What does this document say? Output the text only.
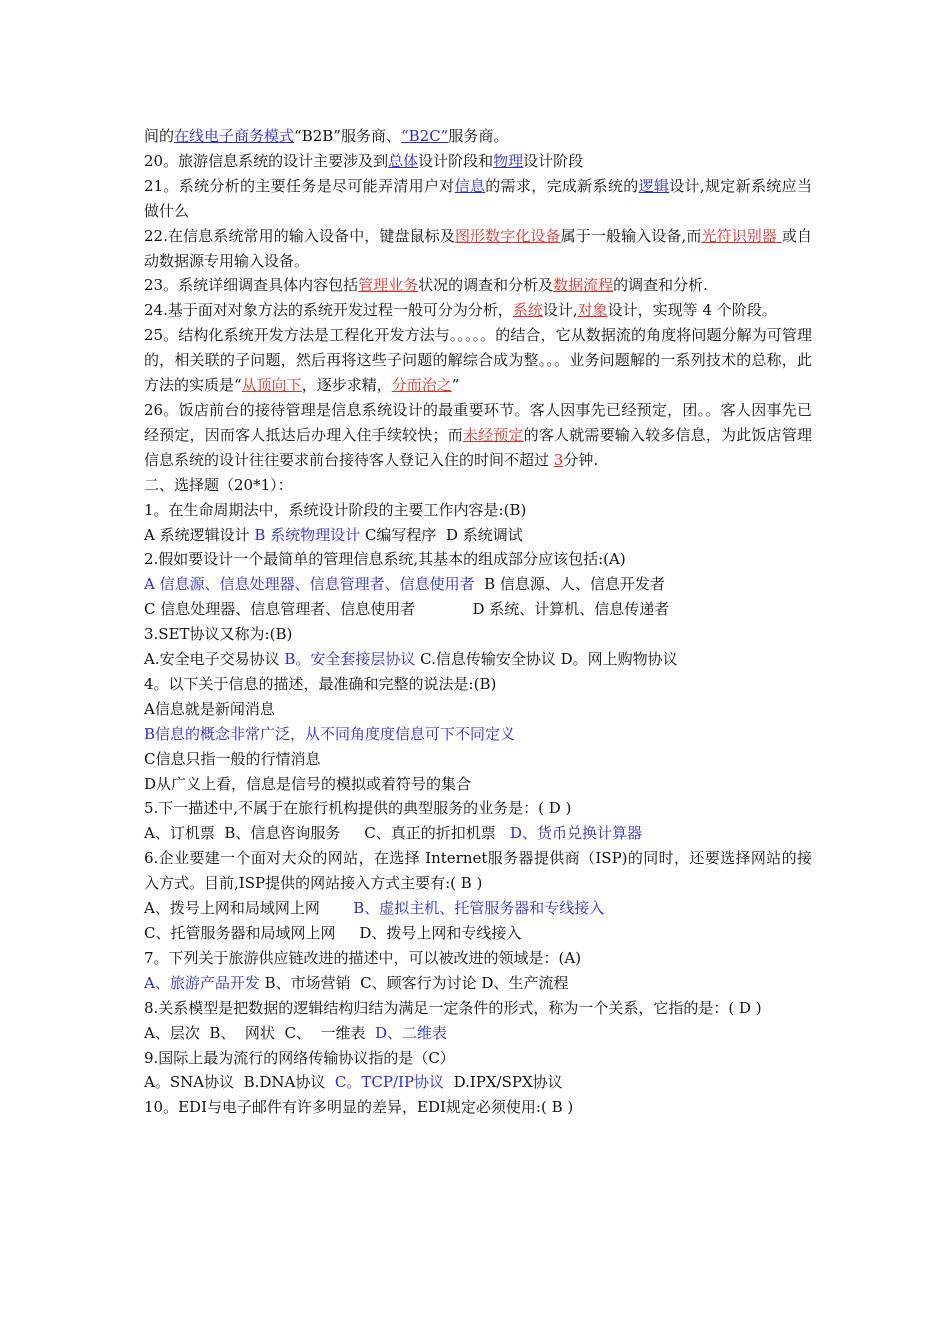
间的在线电子商务模式“B2B”服务商、“B2C”服务商。

20。旅游信息系统的设计主要涉及到总体设计阶段和物理设计阶段

21。系统分析的主要任务是尽可能弄清用户对信息的需求，完成新系统的逻辑设计,规定新系统应当做什么

22.在信息系统常用的输入设备中，键盘鼠标及图形数字化设备属于一般输入设备,而光符识别器 或自动数据源专用输入设备。

23。系统详细调查具体内容包括管理业务状况的调查和分析及数据流程的调查和分析.

24.基于面对对象方法的系统开发过程一般可分为分析，系统设计,对象设计，实现等 4 个阶段。

25。结构化系统开发方法是工程化开发方法与。。。。。的结合，它从数据流的角度将问题分解为可管理的，相关联的子问题，然后再将这些子问题的解综合成为整。。。业务问题解的一系列技术的总称，此方法的实质是“从顶向下，逐步求精，分而治之”

26。饭店前台的接待管理是信息系统设计的最重要环节。客人因事先已经预定，团。。客人因事先已经预定，因而客人抵达后办理入住手续较快；而未经预定的客人就需要输入较多信息，为此饭店管理信息系统的设计往往要求前台接待客人登记入住的时间不超过 3分钟.

二、选择题（20*1）：

1。在生命周期法中，系统设计阶段的主要工作内容是:(B)

A 系统逻辑设计 B 系统物理设计 C编写程序  D 系统调试

2.假如要设计一个最简单的管理信息系统,其基本的组成部分应该包括:(A)

A 信息源、信息处理器、信息管理者、信息使用者  B 信息源、人、信息开发者

C 信息处理器、信息管理者、信息使用者            D 系统、计算机、信息传递者

3.SET协议又称为:(B)

A.安全电子交易协议 B。安全套接层协议 C.信息传输安全协议 D。网上购物协议

4。以下关于信息的描述，最准确和完整的说法是:(B)

A信息就是新闻消息

B信息的概念非常广泛，从不同角度度信息可下不同定义

C信息只指一般的行情消息

D从广义上看，信息是信号的模拟或着符号的集合

5.下一描述中,不属于在旅行机构提供的典型服务的业务是：( D )

A、订机票  B、信息咨询服务     C、真正的折扣机票   D、货币兑换计算器

6.企业要建一个面对大众的网站，在选择 Internet服务器提供商（ISP)的同时，还要选择网站的接入方式。目前,ISP提供的网站接入方式主要有:( B )

A、拨号上网和局域网上网       B、虚拟主机、托管服务器和专线接入

C、托管服务器和局域网上网     D、拨号上网和专线接入

7。下列关于旅游供应链改进的描述中，可以被改进的领域是：(A)

A、旅游产品开发 B、市场营销  C、顾客行为讨论 D、生产流程

8.关系模型是把数据的逻辑结构归结为满足一定条件的形式，称为一个关系，它指的是：( D )

A、层次  B、  网状  C、  一维表  D、二维表

9.国际上最为流行的网络传输协议指的是（C）

A。SNA协议  B.DNA协议  C。TCP/IP协议  D.IPX/SPX协议

10。EDI与电子邮件有许多明显的差异，EDI规定必须使用:( B )
